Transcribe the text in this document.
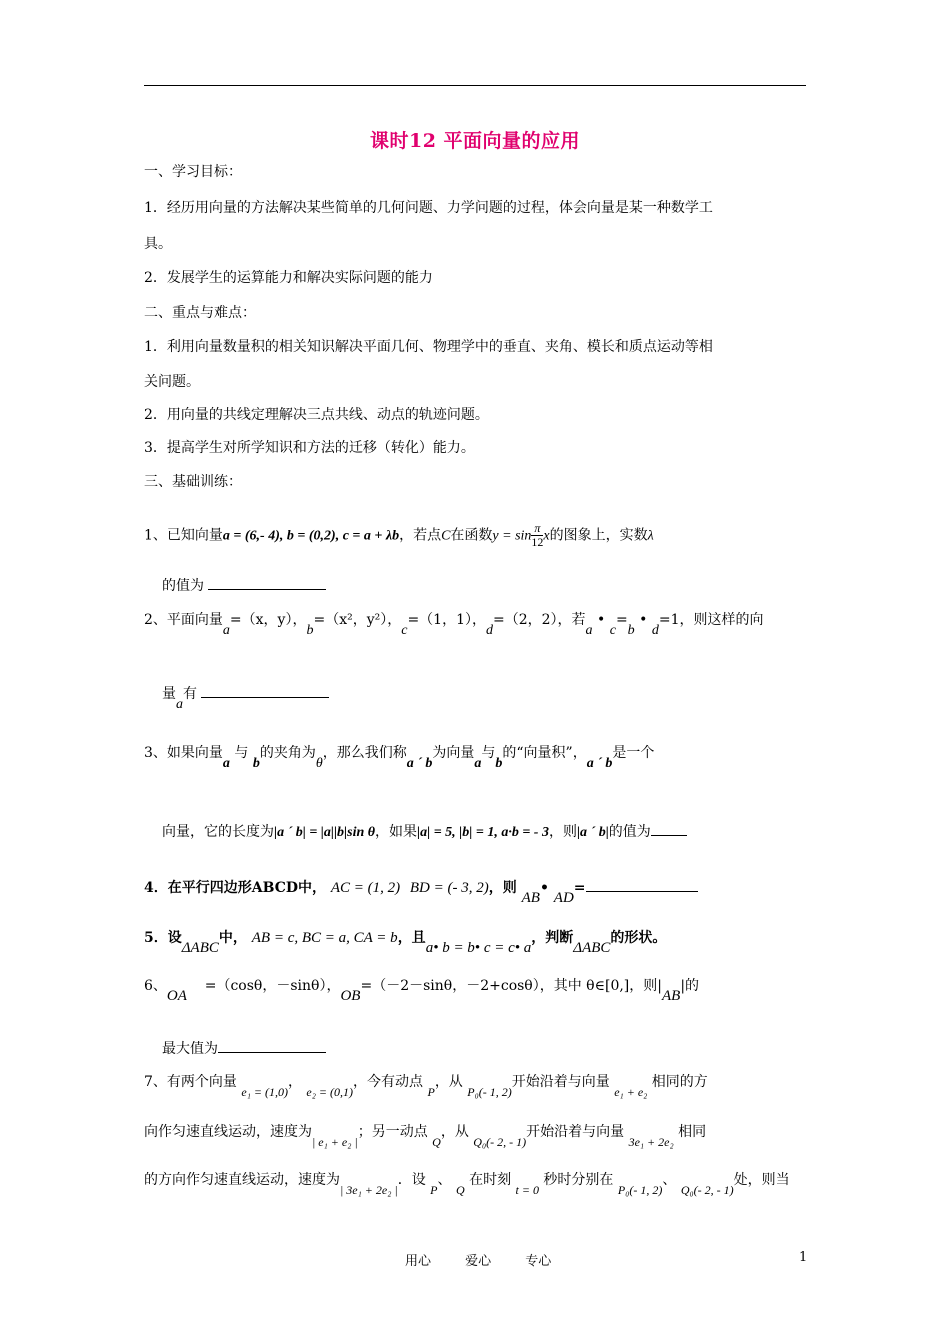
课时12 平面向量的应用
一、学习目标：
1．经历用向量的方法解决某些简单的几何问题、力学问题的过程，体会向量是某一种数学工
具。
2．发展学生的运算能力和解决实际问题的能力
二、重点与难点：
1．利用向量数量积的相关知识解决平面几何、物理学中的垂直、夹角、模长和质点运动等相
关问题。
2．用向量的共线定理解决三点共线、动点的轨迹问题。
3．提高学生对所学知识和方法的迁移（转化）能力。
三、基础训练：
1、已知向量a = (6,- 4), b = (0,2), c = a + λb，若点C在函数$y = \sin \frac{\pi}{12}$ x的图象上，实数λ
的值为
2、平面向量a=（x，y），b=（x²，y²），c=（1，1），d=（2，2），若a • c=b • d=1，则这样的向
量a有
3、如果向量a 与 b的夹角为θ，那么我们称a ´ b为向量a与b的“向量积”，a ´ b是一个
向量，它的长度为|a ´ b| = |a||b|sin θ，如果|a| = 5, |b| = 1, a·b = - 3，则|a ´ b|的值为
4．在平行四边形ABCD中， AC = (1, 2) BD = (- 3, 2)，则 AB• AD=
5．设ΔABC中， AB = c, BC = a, CA = b，且a• b = b• c = c• a，判断ΔABC的形状。
6、OA    =（cosθ，－sinθ），OB=（－2－sinθ，－2+cosθ），其中 θ∈[0,]，则|AB|的
最大值为
7、有两个向量 e₁ = (1,0)， e₂ = (0,1)，今有动点 P，从 P₀(- 1, 2)开始沿着与向量 e₁ + e₂ 相同的方
向作匀速直线运动，速度为| e₁ + e₂ |；另一动点 Q，从 Q₀(- 2, - 1)开始沿着与向量 3e₁ + 2e₂ 相同
的方向作匀速直线运动，速度为| 3e₁ + 2e₂ |．设 P、 Q 在时刻 t = 0 秒时分别在 P₀(- 1, 2)、 Q₀(- 2, - 1)处，则当
用心 爱心 专心	1
